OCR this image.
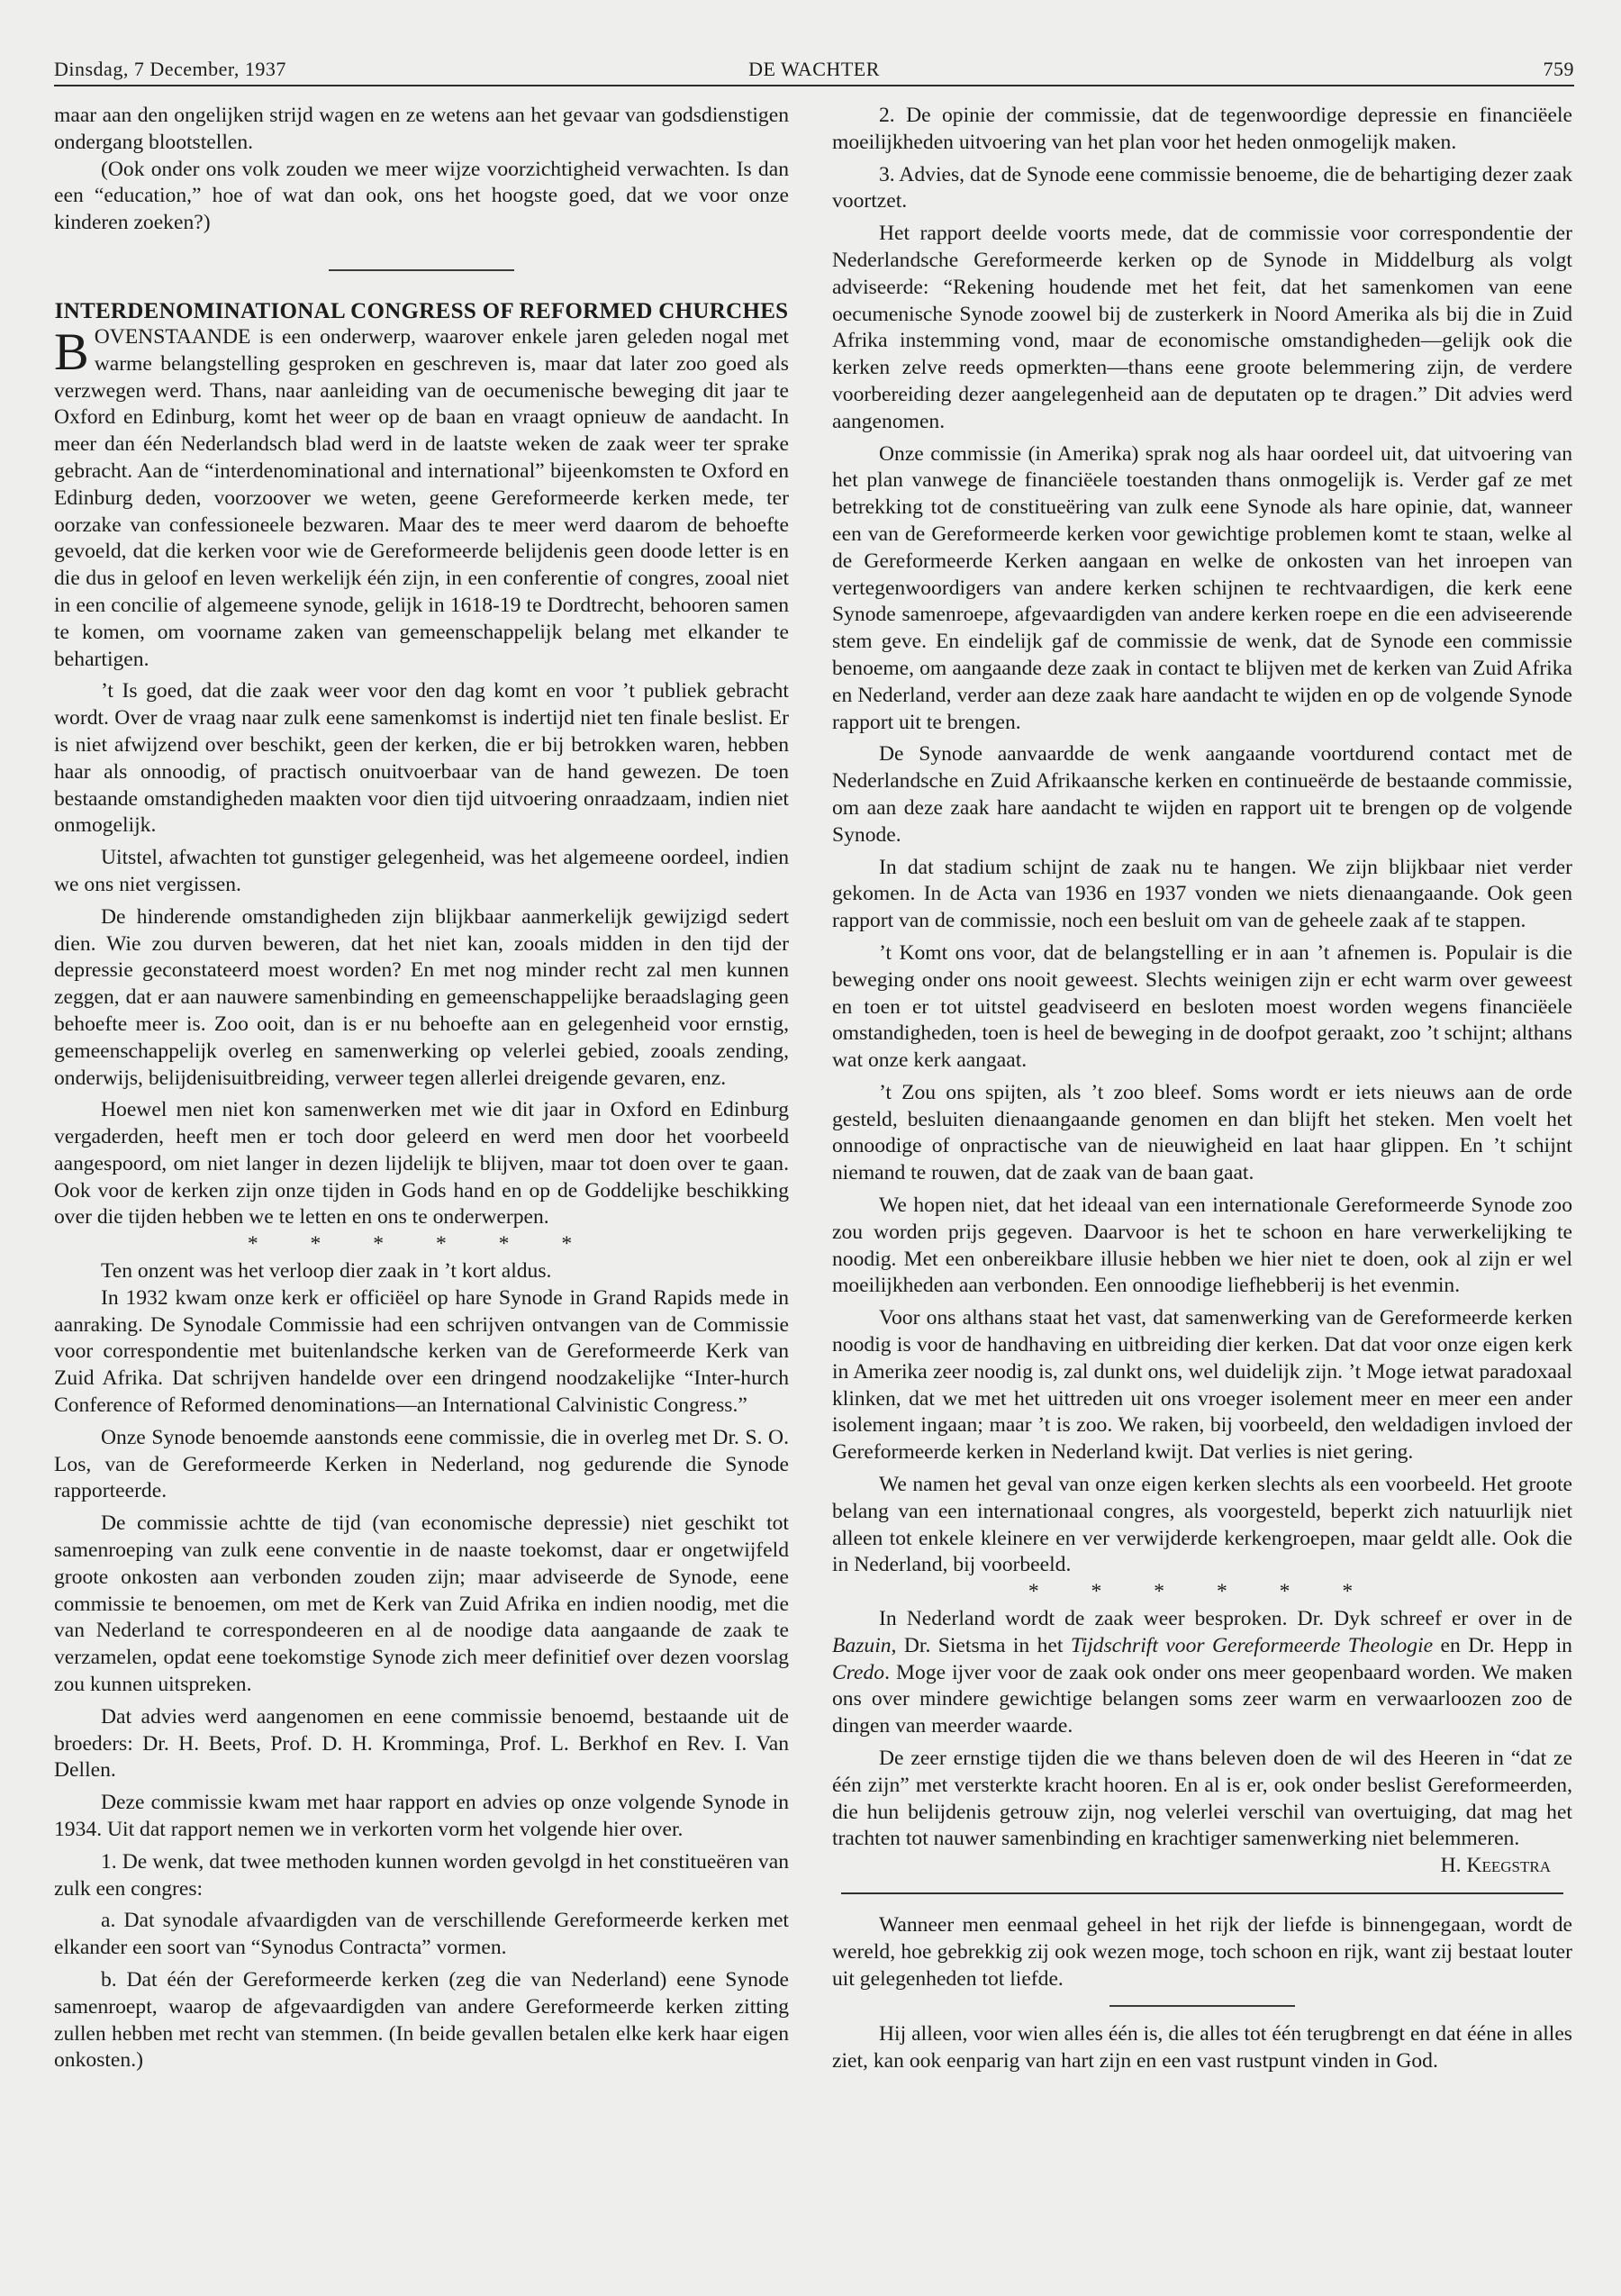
Dinsdag, 7 December, 1937	DE WACHTER	759

maar aan den ongelijken strijd wagen en ze wetens aan het gevaar van godsdienstigen ondergang blootstellen.

(Ook onder ons volk zouden we meer wijze voorzichtigheid verwachten. Is dan een “education,” hoe of wat dan ook, ons het hoogste goed, dat we voor onze kinderen zoeken?)

INTERDENOMINATIONAL CONGRESS OF REFORMED CHURCHES

BOVENSTAANDE is een onderwerp, waarover enkele jaren geleden nogal met warme belangstelling gesproken en geschreven is, maar dat later zoo goed als verzwegen werd. Thans, naar aanleiding van de oecumenische beweging dit jaar te Oxford en Edinburg, komt het weer op de baan en vraagt opnieuw de aandacht. In meer dan één Nederlandsch blad werd in de laatste weken de zaak weer ter sprake gebracht. Aan de “interdenominational and international” bijeenkomsten te Oxford en Edinburg deden, voorzoover we weten, geene Gereformeerde kerken mede, ter oorzake van confessioneele bezwaren. Maar des te meer werd daarom de behoefte gevoeld, dat die kerken voor wie de Gereformeerde belijdenis geen doode letter is en die dus in geloof en leven werkelijk één zijn, in een conferentie of congres, zooal niet in een concilie of algemeene synode, gelijk in 1618-19 te Dordtrecht, behooren samen te komen, om voorname zaken van gemeenschappelijk belang met elkander te behartigen.

’t Is goed, dat die zaak weer voor den dag komt en voor ’t publiek gebracht wordt. Over de vraag naar zulk eene samenkomst is indertijd niet ten finale beslist. Er is niet afwijzend over beschikt, geen der kerken, die er bij betrokken waren, hebben haar als onnoodig, of practisch onuitvoerbaar van de hand gewezen. De toen bestaande omstandigheden maakten voor dien tijd uitvoering onraadzaam, indien niet onmogelijk.

Uitstel, afwachten tot gunstiger gelegenheid, was het algemeene oordeel, indien we ons niet vergissen.

De hinderende omstandigheden zijn blijkbaar aanmerkelijk gewijzigd sedert dien. Wie zou durven beweren, dat het niet kan, zooals midden in den tijd der depressie geconstateerd moest worden? En met nog minder recht zal men kunnen zeggen, dat er aan nauwere samenbinding en gemeenschappelijke beraadslaging geen behoefte meer is. Zoo ooit, dan is er nu behoefte aan en gelegenheid voor ernstig, gemeenschappelijk overleg en samenwerking op velerlei gebied, zooals zending, onderwijs, belijdenisuitbreiding, verweer tegen allerlei dreigende gevaren, enz.

Hoewel men niet kon samenwerken met wie dit jaar in Oxford en Edinburg vergaderden, heeft men er toch door geleerd en werd men door het voorbeeld aangespoord, om niet langer in dezen lijdelijk te blijven, maar tot doen over te gaan. Ook voor de kerken zijn onze tijden in Gods hand en op de Goddelijke beschikking over die tijden hebben we te letten en ons te onderwerpen.

* * * * * *

Ten onzent was het verloop dier zaak in ’t kort aldus.

In 1932 kwam onze kerk er officiëel op hare Synode in Grand Rapids mede in aanraking. De Synodale Commissie had een schrijven ontvangen van de Commissie voor correspondentie met buitenlandsche kerken van de Gereformeerde Kerk van Zuid Afrika. Dat schrijven handelde over een dringend noodzakelijke “Inter-hurch Conference of Reformed denominations—an International Calvinistic Congress.”

Onze Synode benoemde aanstonds eene commissie, die in overleg met Dr. S. O. Los, van de Gereformeerde Kerken in Nederland, nog gedurende die Synode rapporteerde.

De commissie achtte de tijd (van economische depressie) niet geschikt tot samenroeping van zulk eene conventie in de naaste toekomst, daar er ongetwijfeld groote onkosten aan verbonden zouden zijn; maar adviseerde de Synode, eene commissie te benoemen, om met de Kerk van Zuid Afrika en indien noodig, met die van Nederland te correspondeeren en al de noodige data aangaande de zaak te verzamelen, opdat eene toekomstige Synode zich meer definitief over dezen voorslag zou kunnen uitspreken.

Dat advies werd aangenomen en eene commissie benoemd, bestaande uit de broeders: Dr. H. Beets, Prof. D. H. Kromminga, Prof. L. Berkhof en Rev. I. Van Dellen.

Deze commissie kwam met haar rapport en advies op onze volgende Synode in 1934. Uit dat rapport nemen we in verkorten vorm het volgende hier over.

1. De wenk, dat twee methoden kunnen worden gevolgd in het constitueëren van zulk een congres:

a. Dat synodale afvaardigden van de verschillende Gereformeerde kerken met elkander een soort van “Synodus Contracta” vormen.

b. Dat één der Gereformeerde kerken (zeg die van Nederland) eene Synode samenroept, waarop de afgevaardigden van andere Gereformeerde kerken zitting zullen hebben met recht van stemmen. (In beide gevallen betalen elke kerk haar eigen onkosten.)

2. De opinie der commissie, dat de tegenwoordige depressie en financiëele moeilijkheden uitvoering van het plan voor het heden onmogelijk maken.

3. Advies, dat de Synode eene commissie benoeme, die de behartiging dezer zaak voortzet.

Het rapport deelde voorts mede, dat de commissie voor correspondentie der Nederlandsche Gereformeerde kerken op de Synode in Middelburg als volgt adviseerde: “Rekening houdende met het feit, dat het samenkomen van eene oecumenische Synode zoowel bij de zusterkerk in Noord Amerika als bij die in Zuid Afrika instemming vond, maar de economische omstandigheden—gelijk ook die kerken zelve reeds opmerkten—thans eene groote belemmering zijn, de verdere voorbereiding dezer aangelegenheid aan de deputaten op te dragen.” Dit advies werd aangenomen.

Onze commissie (in Amerika) sprak nog als haar oordeel uit, dat uitvoering van het plan vanwege de financiëele toestanden thans onmogelijk is. Verder gaf ze met betrekking tot de constitueëring van zulk eene Synode als hare opinie, dat, wanneer een van de Gereformeerde kerken voor gewichtige problemen komt te staan, welke al de Gereformeerde Kerken aangaan en welke de onkosten van het inroepen van vertegenwoordigers van andere kerken schijnen te rechtvaardigen, die kerk eene Synode samenroepe, afgevaardigden van andere kerken roepe en die een adviseerende stem geve. En eindelijk gaf de commissie de wenk, dat de Synode een commissie benoeme, om aangaande deze zaak in contact te blijven met de kerken van Zuid Afrika en Nederland, verder aan deze zaak hare aandacht te wijden en op de volgende Synode rapport uit te brengen.

De Synode aanvaardde de wenk aangaande voortdurend contact met de Nederlandsche en Zuid Afrikaansche kerken en continueërde de bestaande commissie, om aan deze zaak hare aandacht te wijden en rapport uit te brengen op de volgende Synode.

In dat stadium schijnt de zaak nu te hangen. We zijn blijkbaar niet verder gekomen. In de Acta van 1936 en 1937 vonden we niets dienaangaande. Ook geen rapport van de commissie, noch een besluit om van de geheele zaak af te stappen.

’t Komt ons voor, dat de belangstelling er in aan ’t afnemen is. Populair is die beweging onder ons nooit geweest. Slechts weinigen zijn er echt warm over geweest en toen er tot uitstel geadviseerd en besloten moest worden wegens financiëele omstandigheden, toen is heel de beweging in de doofpot geraakt, zoo ’t schijnt; althans wat onze kerk aangaat.

’t Zou ons spijten, als ’t zoo bleef. Soms wordt er iets nieuws aan de orde gesteld, besluiten dienaangaande genomen en dan blijft het steken. Men voelt het onnoodige of onpractische van de nieuwigheid en laat haar glippen. En ’t schijnt niemand te rouwen, dat de zaak van de baan gaat.

We hopen niet, dat het ideaal van een internationale Gereformeerde Synode zoo zou worden prijs gegeven. Daarvoor is het te schoon en hare verwerkelijking te noodig. Met een onbereikbare illusie hebben we hier niet te doen, ook al zijn er wel moeilijkheden aan verbonden. Een onnoodige liefhebberij is het evenmin.

Voor ons althans staat het vast, dat samenwerking van de Gereformeerde kerken noodig is voor de handhaving en uitbreiding dier kerken. Dat dat voor onze eigen kerk in Amerika zeer noodig is, zal dunkt ons, wel duidelijk zijn. ’t Moge ietwat paradoxaal klinken, dat we met het uittreden uit ons vroeger isolement meer en meer een ander isolement ingaan; maar ’t is zoo. We raken, bij voorbeeld, den weldadigen invloed der Gereformeerde kerken in Nederland kwijt. Dat verlies is niet gering.

We namen het geval van onze eigen kerken slechts als een voorbeeld. Het groote belang van een internationaal congres, als voorgesteld, beperkt zich natuurlijk niet alleen tot enkele kleinere en ver verwijderde kerkengroepen, maar geldt alle. Ook die in Nederland, bij voorbeeld.

* * * * * *

In Nederland wordt de zaak weer besproken. Dr. Dyk schreef er over in de Bazuin, Dr. Sietsma in het Tijdschrift voor Gereformeerde Theologie en Dr. Hepp in Credo. Moge ijver voor de zaak ook onder ons meer geopenbaard worden. We maken ons over mindere gewichtige belangen soms zeer warm en verwaarloozen zoo de dingen van meerder waarde.

De zeer ernstige tijden die we thans beleven doen de wil des Heeren in “dat ze één zijn” met versterkte kracht hooren. En al is er, ook onder beslist Gereformeerden, die hun belijdenis getrouw zijn, nog velerlei verschil van overtuiging, dat mag het trachten tot nauwer samenbinding en krachtiger samenwerking niet belemmeren.

H. Keegstra

Wanneer men eenmaal geheel in het rijk der liefde is binnengegaan, wordt de wereld, hoe gebrekkig zij ook wezen moge, toch schoon en rijk, want zij bestaat louter uit gelegenheden tot liefde.

Hij alleen, voor wien alles één is, die alles tot één terugbrengt en dat ééne in alles ziet, kan ook eenparig van hart zijn en een vast rustpunt vinden in God.
